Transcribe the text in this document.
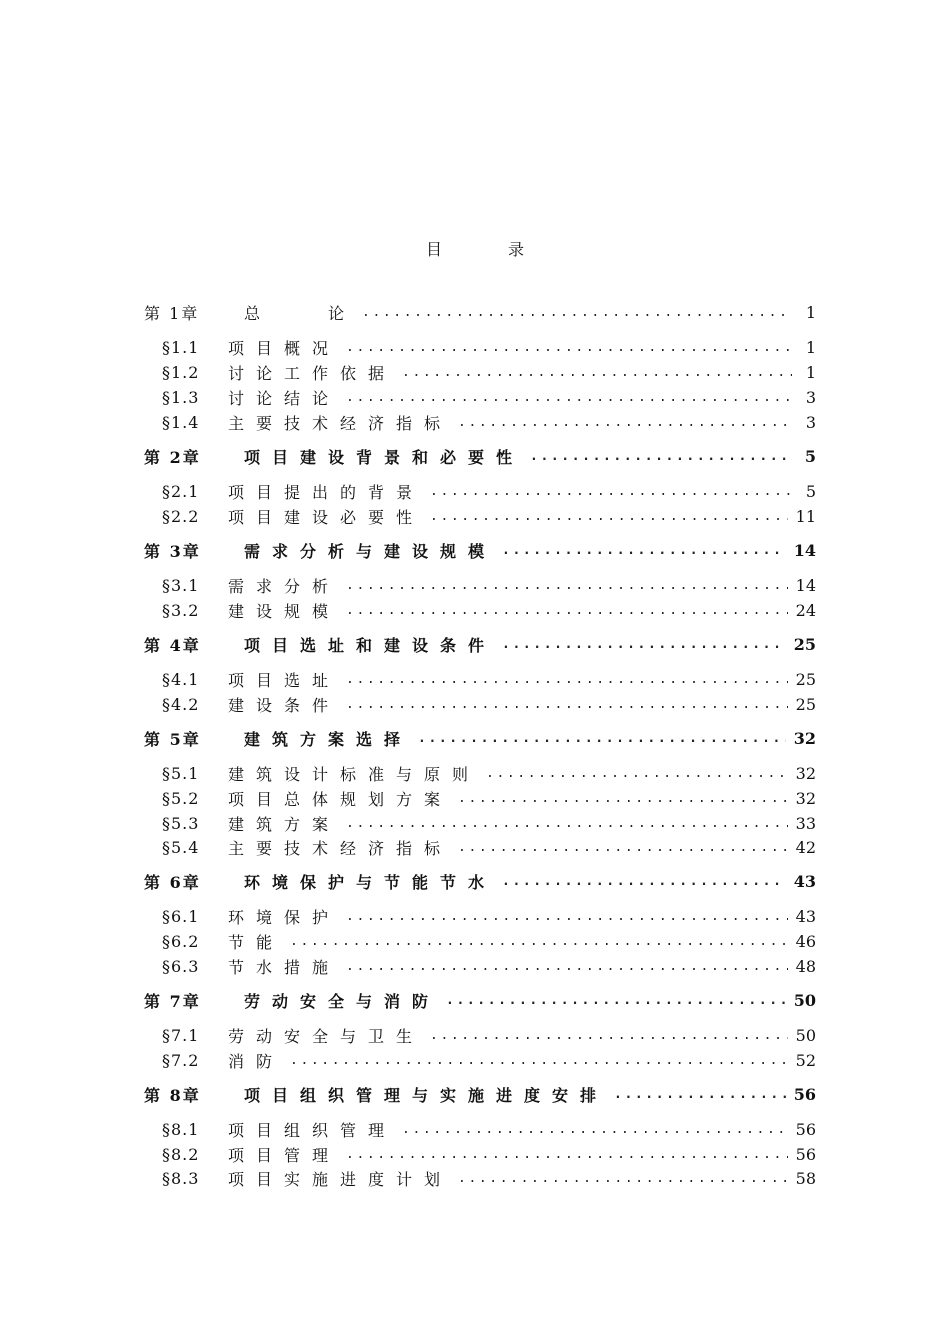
目	录
第 1章	总　　论 .....	1
§1.1	项目概况 .....	1
§1.2	讨论工作依据 .....	1
§1.3	讨论结论 .....	3
§1.4	主要技术经济指标 .....	3
第 2章	项目建设背景和必要性 .....	5
§2.1	项目提出的背景 .....	5
§2.2	项目建设必要性 .....	11
第 3章	需求分析与建设规模 .....	14
§3.1	需求分析 .....	14
§3.2	建设规模 .....	24
第 4章	项目选址和建设条件 .....	25
§4.1	项目选址 .....	25
§4.2	建设条件 .....	25
第 5章	建筑方案选择 .....	32
§5.1	建筑设计标准与原则 .....	32
§5.2	项目总体规划方案 .....	32
§5.3	建筑方案 .....	33
§5.4	主要技术经济指标 .....	42
第 6章	环境保护与节能节水 .....	43
§6.1	环境保护 .....	43
§6.2	节能 .....	46
§6.3	节水措施 .....	48
第 7章	劳动安全与消防 .....	50
§7.1	劳动安全与卫生 .....	50
§7.2	消防 .....	52
第 8章	项目组织管理与实施进度安排 .....	56
§8.1	项目组织管理 .....	56
§8.2	项目管理 .....	56
§8.3	项目实施进度计划 .....	58
